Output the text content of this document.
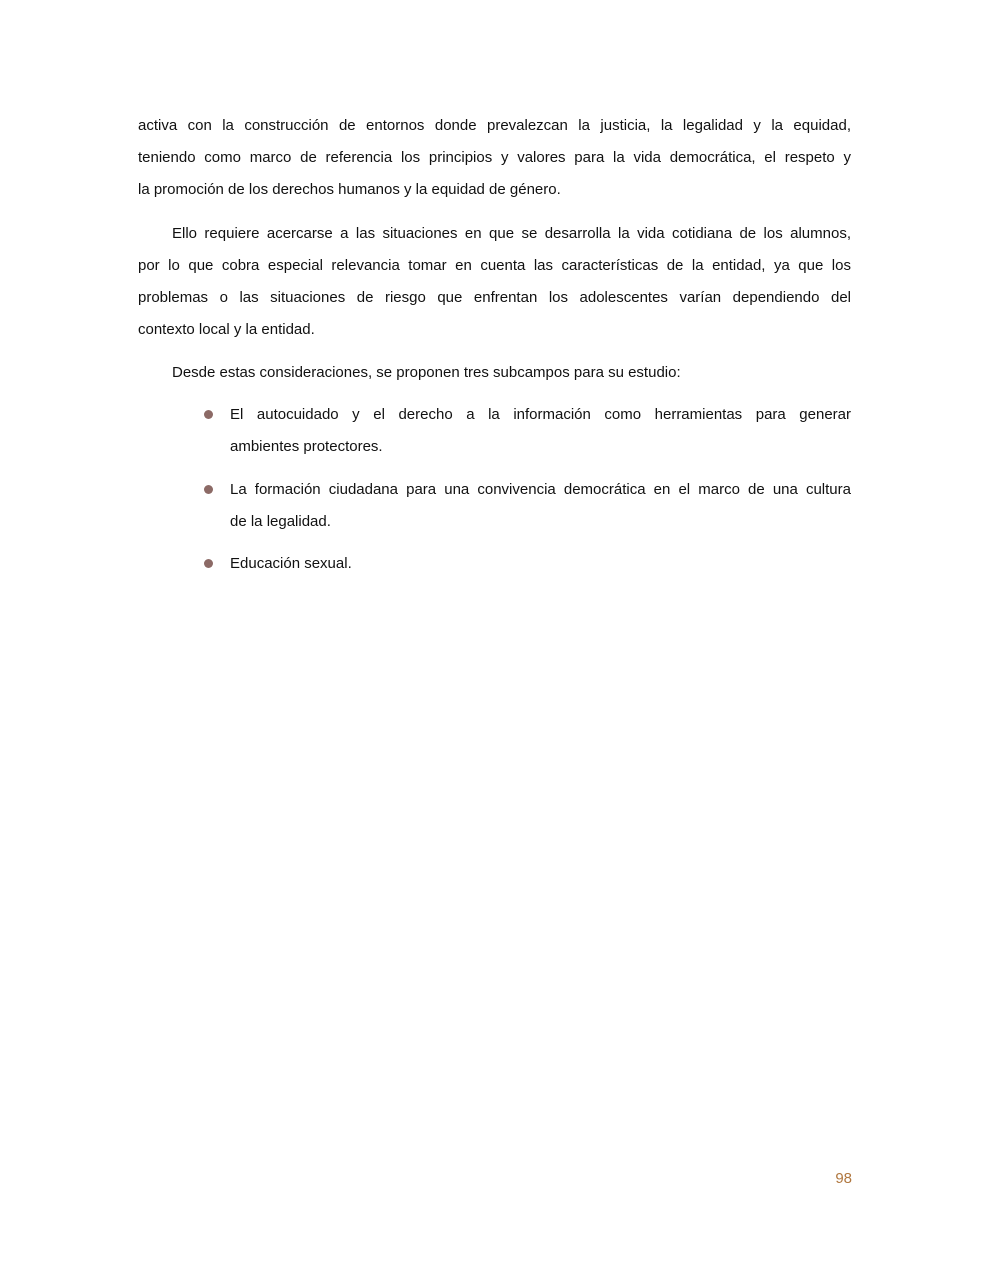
activa con la construcción de entornos donde prevalezcan la justicia, la legalidad y la equidad,
teniendo como marco de referencia los principios y valores para la vida democrática, el respeto y
la promoción de los derechos humanos y la equidad de género.
Ello requiere acercarse a las situaciones en que se desarrolla la vida cotidiana de los alumnos,
por lo que cobra especial relevancia tomar en cuenta las características de la entidad, ya que los
problemas o las situaciones de riesgo que enfrentan los adolescentes varían dependiendo del
contexto local y la entidad.
Desde estas consideraciones, se proponen tres subcampos para su estudio:
El autocuidado y el derecho a la información como herramientas para generar
ambientes protectores.
La formación ciudadana para una convivencia democrática en el marco de una cultura
de la legalidad.
Educación sexual.
98
